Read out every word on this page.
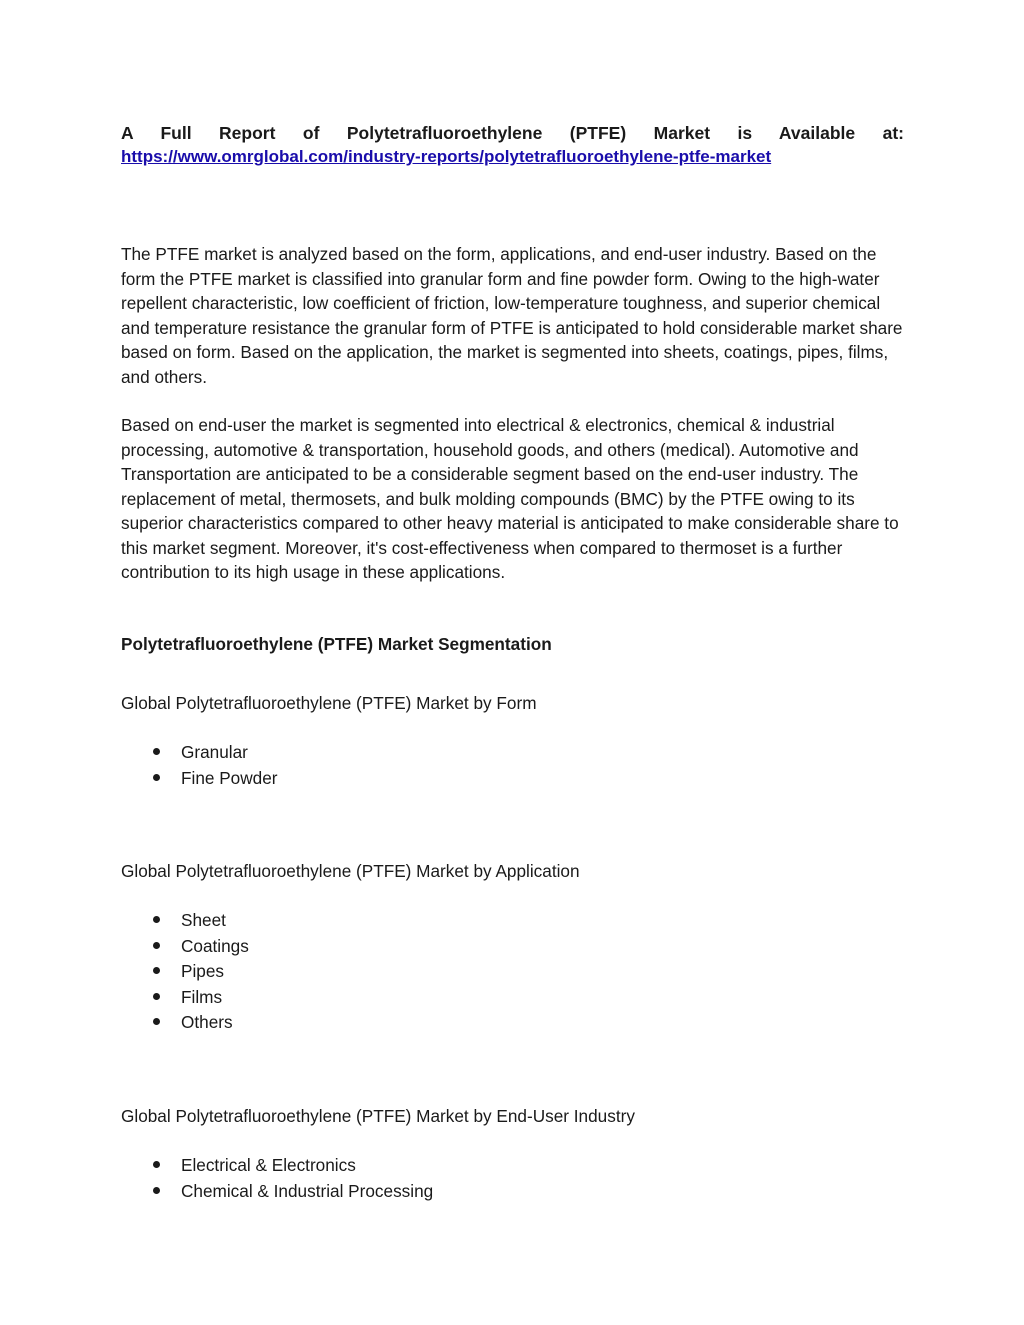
A Full Report of Polytetrafluoroethylene (PTFE) Market is Available at:
https://www.omrglobal.com/industry-reports/polytetrafluoroethylene-ptfe-market

The PTFE market is analyzed based on the form, applications, and end-user industry. Based on the form the PTFE market is classified into granular form and fine powder form. Owing to the high-water repellent characteristic, low coefficient of friction, low-temperature toughness, and superior chemical and temperature resistance the granular form of PTFE is anticipated to hold considerable market share based on form. Based on the application, the market is segmented into sheets, coatings, pipes, films, and others.

Based on end-user the market is segmented into electrical & electronics, chemical & industrial processing, automotive & transportation, household goods, and others (medical). Automotive and Transportation are anticipated to be a considerable segment based on the end-user industry. The replacement of metal, thermosets, and bulk molding compounds (BMC) by the PTFE owing to its superior characteristics compared to other heavy material is anticipated to make considerable share to this market segment. Moreover, it's cost-effectiveness when compared to thermoset is a further contribution to its high usage in these applications.

Polytetrafluoroethylene (PTFE) Market Segmentation
Global Polytetrafluoroethylene (PTFE) Market by Form
Granular
Fine Powder
Global Polytetrafluoroethylene (PTFE) Market by Application
Sheet
Coatings
Pipes
Films
Others
Global Polytetrafluoroethylene (PTFE) Market by End-User Industry
Electrical & Electronics
Chemical & Industrial Processing
